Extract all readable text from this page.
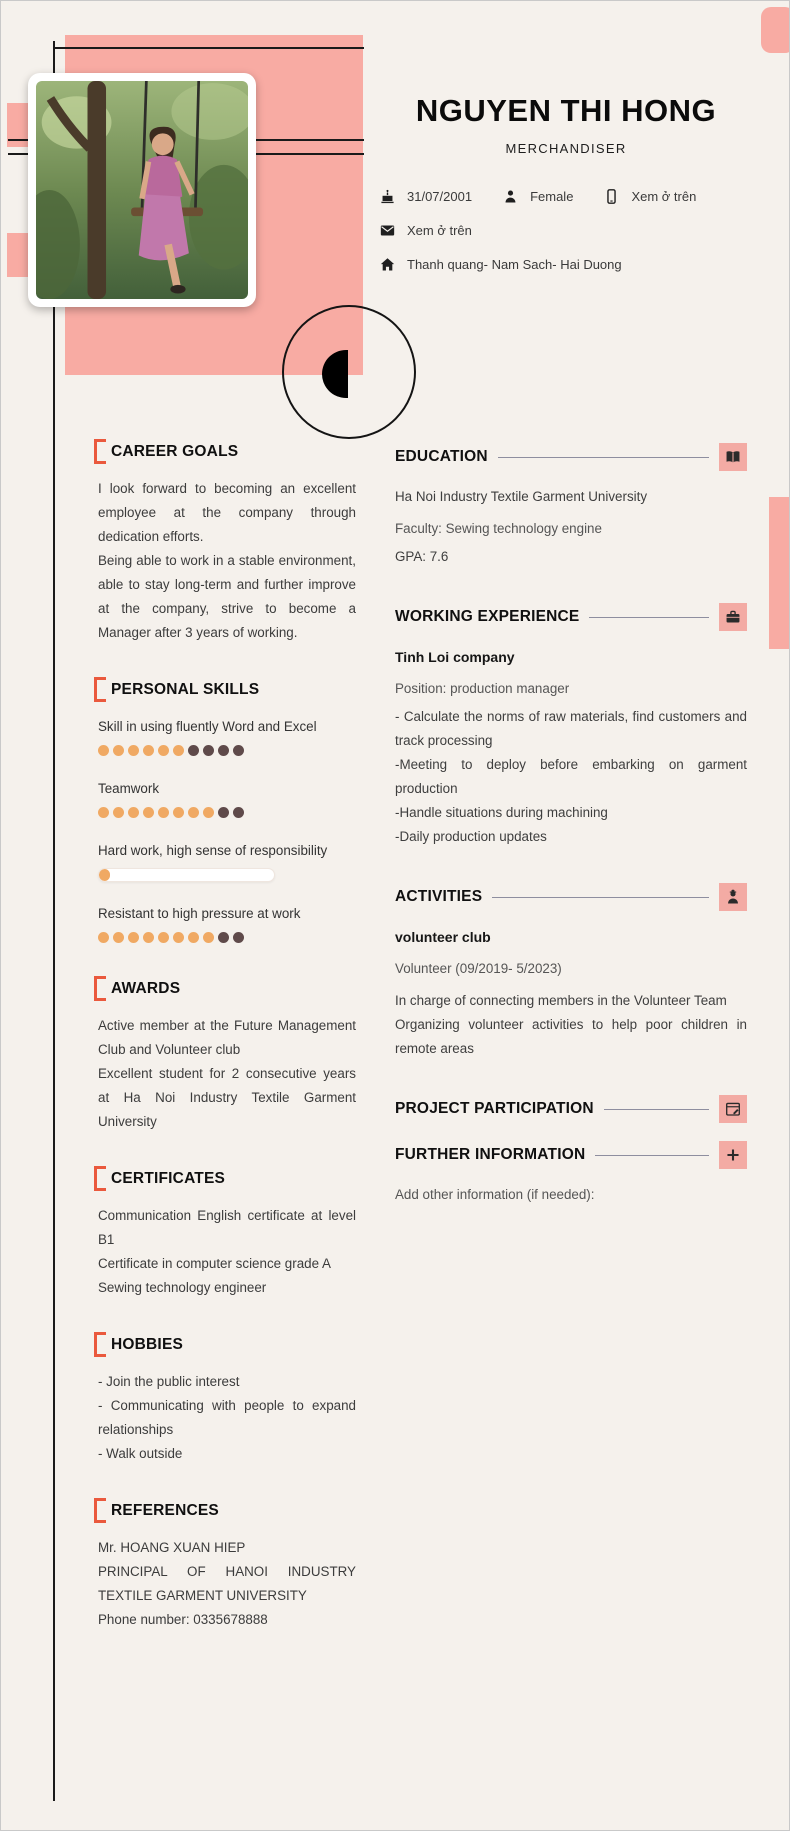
NGUYEN THI HONG
MERCHANDISER
31/07/2001	Female	Xem ở trên
Xem ở trên
Thanh quang- Nam Sach- Hai Duong
CAREER GOALS

I look forward to becoming an excellent employee at the company through dedication efforts.

Being able to work in a stable environment, able to stay long-term and further improve at the company, strive to become a Manager after 3 years of working.

PERSONAL SKILLS
Skill in using fluently Word and Excel
Teamwork
Hard work, high sense of responsibility
Resistant to high pressure at work
AWARDS

Active member at the Future Management Club and Volunteer club

Excellent student for 2 consecutive years at Ha Noi Industry Textile Garment University

CERTIFICATES

Communication English certificate at level B1

Certificate in computer science grade A

Sewing technology engineer

HOBBIES

- Join the public interest

- Communicating with people to expand relationships

- Walk outside

REFERENCES

Mr. HOANG XUAN HIEP

PRINCIPAL OF HANOI INDUSTRY TEXTILE GARMENT UNIVERSITY

Phone number: 0335678888

EDUCATION

Ha Noi Industry Textile Garment University

Faculty: Sewing technology engine

GPA: 7.6

WORKING EXPERIENCE

Tinh Loi company

Position: production manager

- Calculate the norms of raw materials, find customers and track processing

-Meeting to deploy before embarking on garment production

-Handle situations during machining

-Daily production updates

ACTIVITIES

volunteer club

Volunteer (09/2019- 5/2023)

In charge of connecting members in the Volunteer Team

Organizing volunteer activities to help poor children in remote areas

PROJECT PARTICIPATION
FURTHER INFORMATION

Add other information (if needed):
